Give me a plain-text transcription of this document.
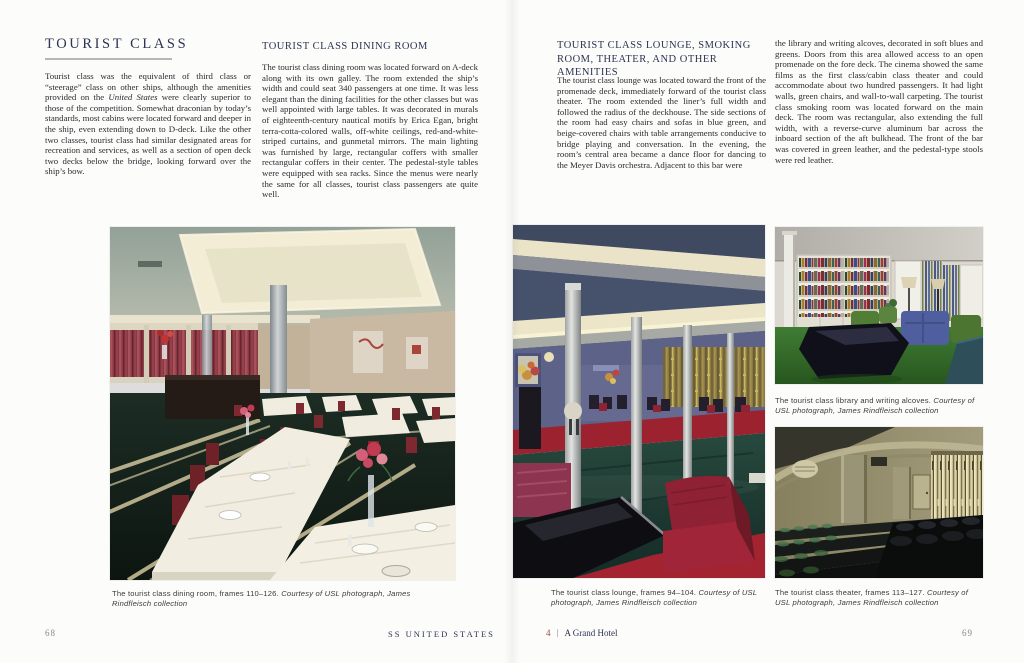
TOURIST CLASS

Tourist class was the equivalent of third class or “steerage” class on other ships, although the amenities provided on the United States were clearly superior to those of the competition. Somewhat draconian by today’s standards, most cabins were located forward and deeper in the ship, even extending down to D-deck. Like the other two classes, tourist class had similar designated areas for recreation and services, as well as a section of open deck two decks below the bridge, looking forward over the ship’s bow.

TOURIST CLASS DINING ROOM

The tourist class dining room was located forward on A-deck along with its own galley. The room extended the ship’s width and could seat 340 passengers at one time. It was less elegant than the dining facilities for the other classes but was well appointed with large tables. It was decorated in murals of eighteenth-century nautical motifs by Erica Egan, bright terra-cotta-colored walls, off-white ceilings, red-and-white-striped curtains, and gunmetal mirrors. The main lighting was furnished by large, rectangular coffers with smaller rectangular coffers in their center. The pedestal-style tables were equipped with sea racks. Since the menus were nearly the same for all classes, tourist class passengers ate quite well.

The tourist class dining room, frames 110–126. Courtesy of USL photograph, James Rindfleisch collection

TOURIST CLASS LOUNGE, SMOKING
ROOM, THEATER, AND OTHER AMENITIES

The tourist class lounge was located toward the front of the promenade deck, immediately forward of the tourist class theater. The room extended the liner’s full width and followed the radius of the deckhouse. The side sections of the room had easy chairs and sofas in blue green, and beige-covered chairs with table arrangements conducive to bridge playing and conversation. In the evening, the room’s central area became a dance floor for dancing to the Meyer Davis orchestra. Adjacent to this bar were

the library and writing alcoves, decorated in soft blues and greens. Doors from this area allowed access to an open promenade on the fore deck. The cinema showed the same films as the first class/cabin class theater and could accommodate about two hundred passengers. It had light walls, green chairs, and wall-to-wall carpeting. The tourist class smoking room was located forward on the main deck. The room was rectangular, also extending the full width, with a reverse-curve aluminum bar across the inboard section of the aft bulkhead. The front of the bar was covered in green leather, and the pedestal-type stools were red leather.

The tourist class lounge, frames 94–104. Courtesy of USL photograph, James Rindfleisch collection

The tourist class library and writing alcoves. Courtesy of USL photograph, James Rindfleisch collection

The tourist class theater, frames 113–127. Courtesy of USL photograph, James Rindfleisch collection

68	SS UNITED STATES	4 A Grand Hotel	69
